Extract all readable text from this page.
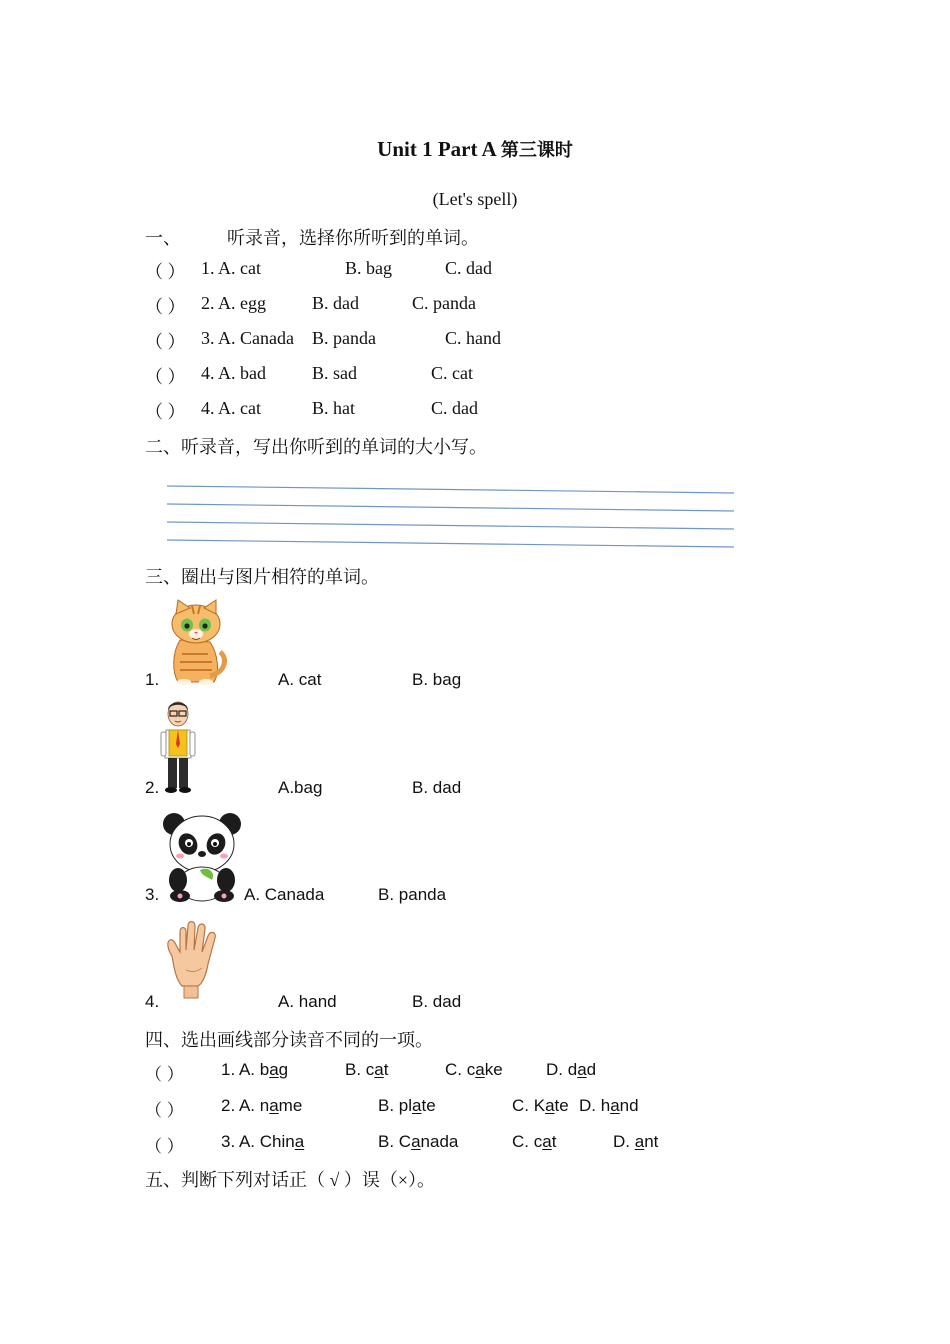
Unit 1 Part A 第三课时
(Let's spell)
一、	听录音，选择你所听到的单词。
（ ） 1. A. cat	B. bag	C. dad
（ ） 2. A. egg	B. dad	C. panda
（ ） 3. A. Canada B. panda	C. hand
（ ） 4. A. bad	B. sad	C. cat
（ ） 4. A. cat	B. hat	C. dad
二、听录音，写出你听到的单词的大小写。
三、圈出与图片相符的单词。
1.	A. cat	B. bag
2.	A.bag	B. dad
3.	A. Canada	B. panda
4.	A. hand	B. dad
四、选出画线部分读音不同的一项。
（ ） 1. A. bag	B. cat	C. cake	D. dad
（ ） 2. A. name	B. plate	C. Kate D. hand
（ ） 3. A. China	B. Canada	C. cat	D. ant
五、判断下列对话正（ √ ）误（×）。
